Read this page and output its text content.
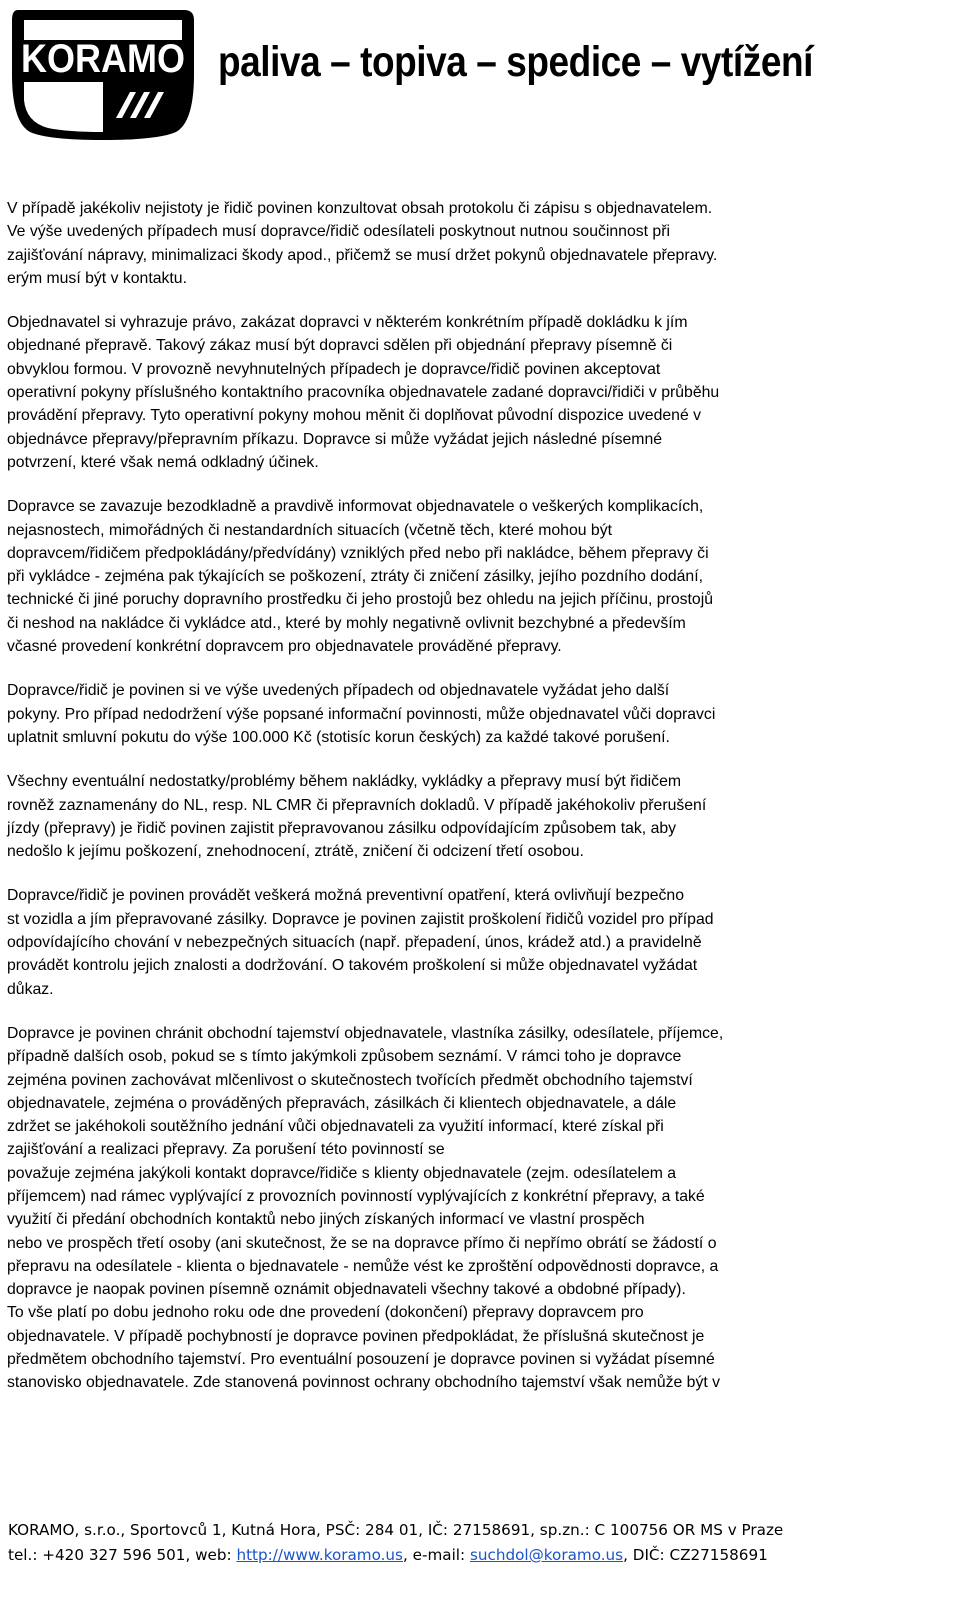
KORAMO paliva – topiva – spedice – vytížení

V případě jakékoliv nejistoty je řidič povinen konzultovat obsah protokolu či zápisu s objednavatelem.
Ve výše uvedených případech musí dopravce/řidič odesílateli poskytnout nutnou součinnost při
zajišťování nápravy, minimalizaci škody apod., přičemž se musí držet pokynů objednavatele přepravy.
erým musí být v kontaktu.

Objednavatel si vyhrazuje právo, zakázat dopravci v některém konkrétním případě dokládku k jím
objednané přepravě. Takový zákaz musí být dopravci sdělen při objednání přepravy písemně či
obvyklou formou. V provozně nevyhnutelných případech je dopravce/řidič povinen akceptovat
operativní pokyny příslušného kontaktního pracovníka objednavatele zadané dopravci/řidiči v průběhu
provádění přepravy. Tyto operativní pokyny mohou měnit či doplňovat původní dispozice uvedené v
objednávce přepravy/přepravním příkazu. Dopravce si může vyžádat jejich následné písemné
potvrzení, které však nemá odkladný účinek.

Dopravce se zavazuje bezodkladně a pravdivě informovat objednavatele o veškerých komplikacích,
nejasnostech, mimořádných či nestandardních situacích (včetně těch, které mohou být
dopravcem/řidičem předpokládány/předvídány) vzniklých před nebo při nakládce, během přepravy či
při vykládce - zejména pak týkajících se poškození, ztráty či zničení zásilky, jejího pozdního dodání,
technické či jiné poruchy dopravního prostředku či jeho prostojů bez ohledu na jejich příčinu, prostojů
či neshod na nakládce či vykládce atd., které by mohly negativně ovlivnit bezchybné a především
včasné provedení konkrétní dopravcem pro objednavatele prováděné přepravy.

Dopravce/řidič je povinen si ve výše uvedených případech od objednavatele vyžádat jeho další
pokyny. Pro případ nedodržení výše popsané informační povinnosti, může objednavatel vůči dopravci
uplatnit smluvní pokutu do výše 100.000 Kč (stotisíc korun českých) za každé takové porušení.

Všechny eventuální nedostatky/problémy během nakládky, vykládky a přepravy musí být řidičem
rovněž zaznamenány do NL, resp. NL CMR či přepravních dokladů. V případě jakéhokoliv přerušení
jízdy (přepravy) je řidič povinen zajistit přepravovanou zásilku odpovídajícím způsobem tak, aby
nedošlo k jejímu poškození, znehodnocení, ztrátě, zničení či odcizení třetí osobou.

Dopravce/řidič je povinen provádět veškerá možná preventivní opatření, která ovlivňují bezpečno
st vozidla a jím přepravované zásilky. Dopravce je povinen zajistit proškolení řidičů vozidel pro případ
odpovídajícího chování v nebezpečných situacích (např. přepadení, únos, krádež atd.) a pravidelně
provádět kontrolu jejich znalosti a dodržování. O takovém proškolení si může objednavatel vyžádat
důkaz.

Dopravce je povinen chránit obchodní tajemství objednavatele, vlastníka zásilky, odesílatele, příjemce,
případně dalších osob, pokud se s tímto jakýmkoli způsobem seznámí. V rámci toho je dopravce
zejména povinen zachovávat mlčenlivost o skutečnostech tvořících předmět obchodního tajemství
objednavatele, zejména o prováděných přepravách, zásilkách či klientech objednavatele, a dále
zdržet se jakéhokoli soutěžního jednání vůči objednavateli za využití informací, které získal při
zajišťování a realizaci přepravy. Za porušení této povinností se
považuje zejména jakýkoli kontakt dopravce/řidiče s klienty objednavatele (zejm. odesílatelem a
příjemcem) nad rámec vyplývající z provozních povinností vyplývajících z konkrétní přepravy, a také
využití či předání obchodních kontaktů nebo jiných získaných informací ve vlastní prospěch
nebo ve prospěch třetí osoby (ani skutečnost, že se na dopravce přímo či nepřímo obrátí se žádostí o
přepravu na odesílatele - klienta o bjednavatele - nemůže vést ke zproštění odpovědnosti dopravce, a
dopravce je naopak povinen písemně oznámit objednavateli všechny takové a obdobné případy).
To vše platí po dobu jednoho roku ode dne provedení (dokončení) přepravy dopravcem pro
objednavatele. V případě pochybností je dopravce povinen předpokládat, že příslušná skutečnost je
předmětem obchodního tajemství. Pro eventuální posouzení je dopravce povinen si vyžádat písemné
stanovisko objednavatele. Zde stanovená povinnost ochrany obchodního tajemství však nemůže být v

KORAMO, s.r.o., Sportovců 1, Kutná Hora, PSČ: 284 01, IČ: 27158691, sp.zn.: C 100756 OR MS v Praze
tel.: +420 327 596 501, web: http://www.koramo.us, e-mail: suchdol@koramo.us, DIČ: CZ27158691
